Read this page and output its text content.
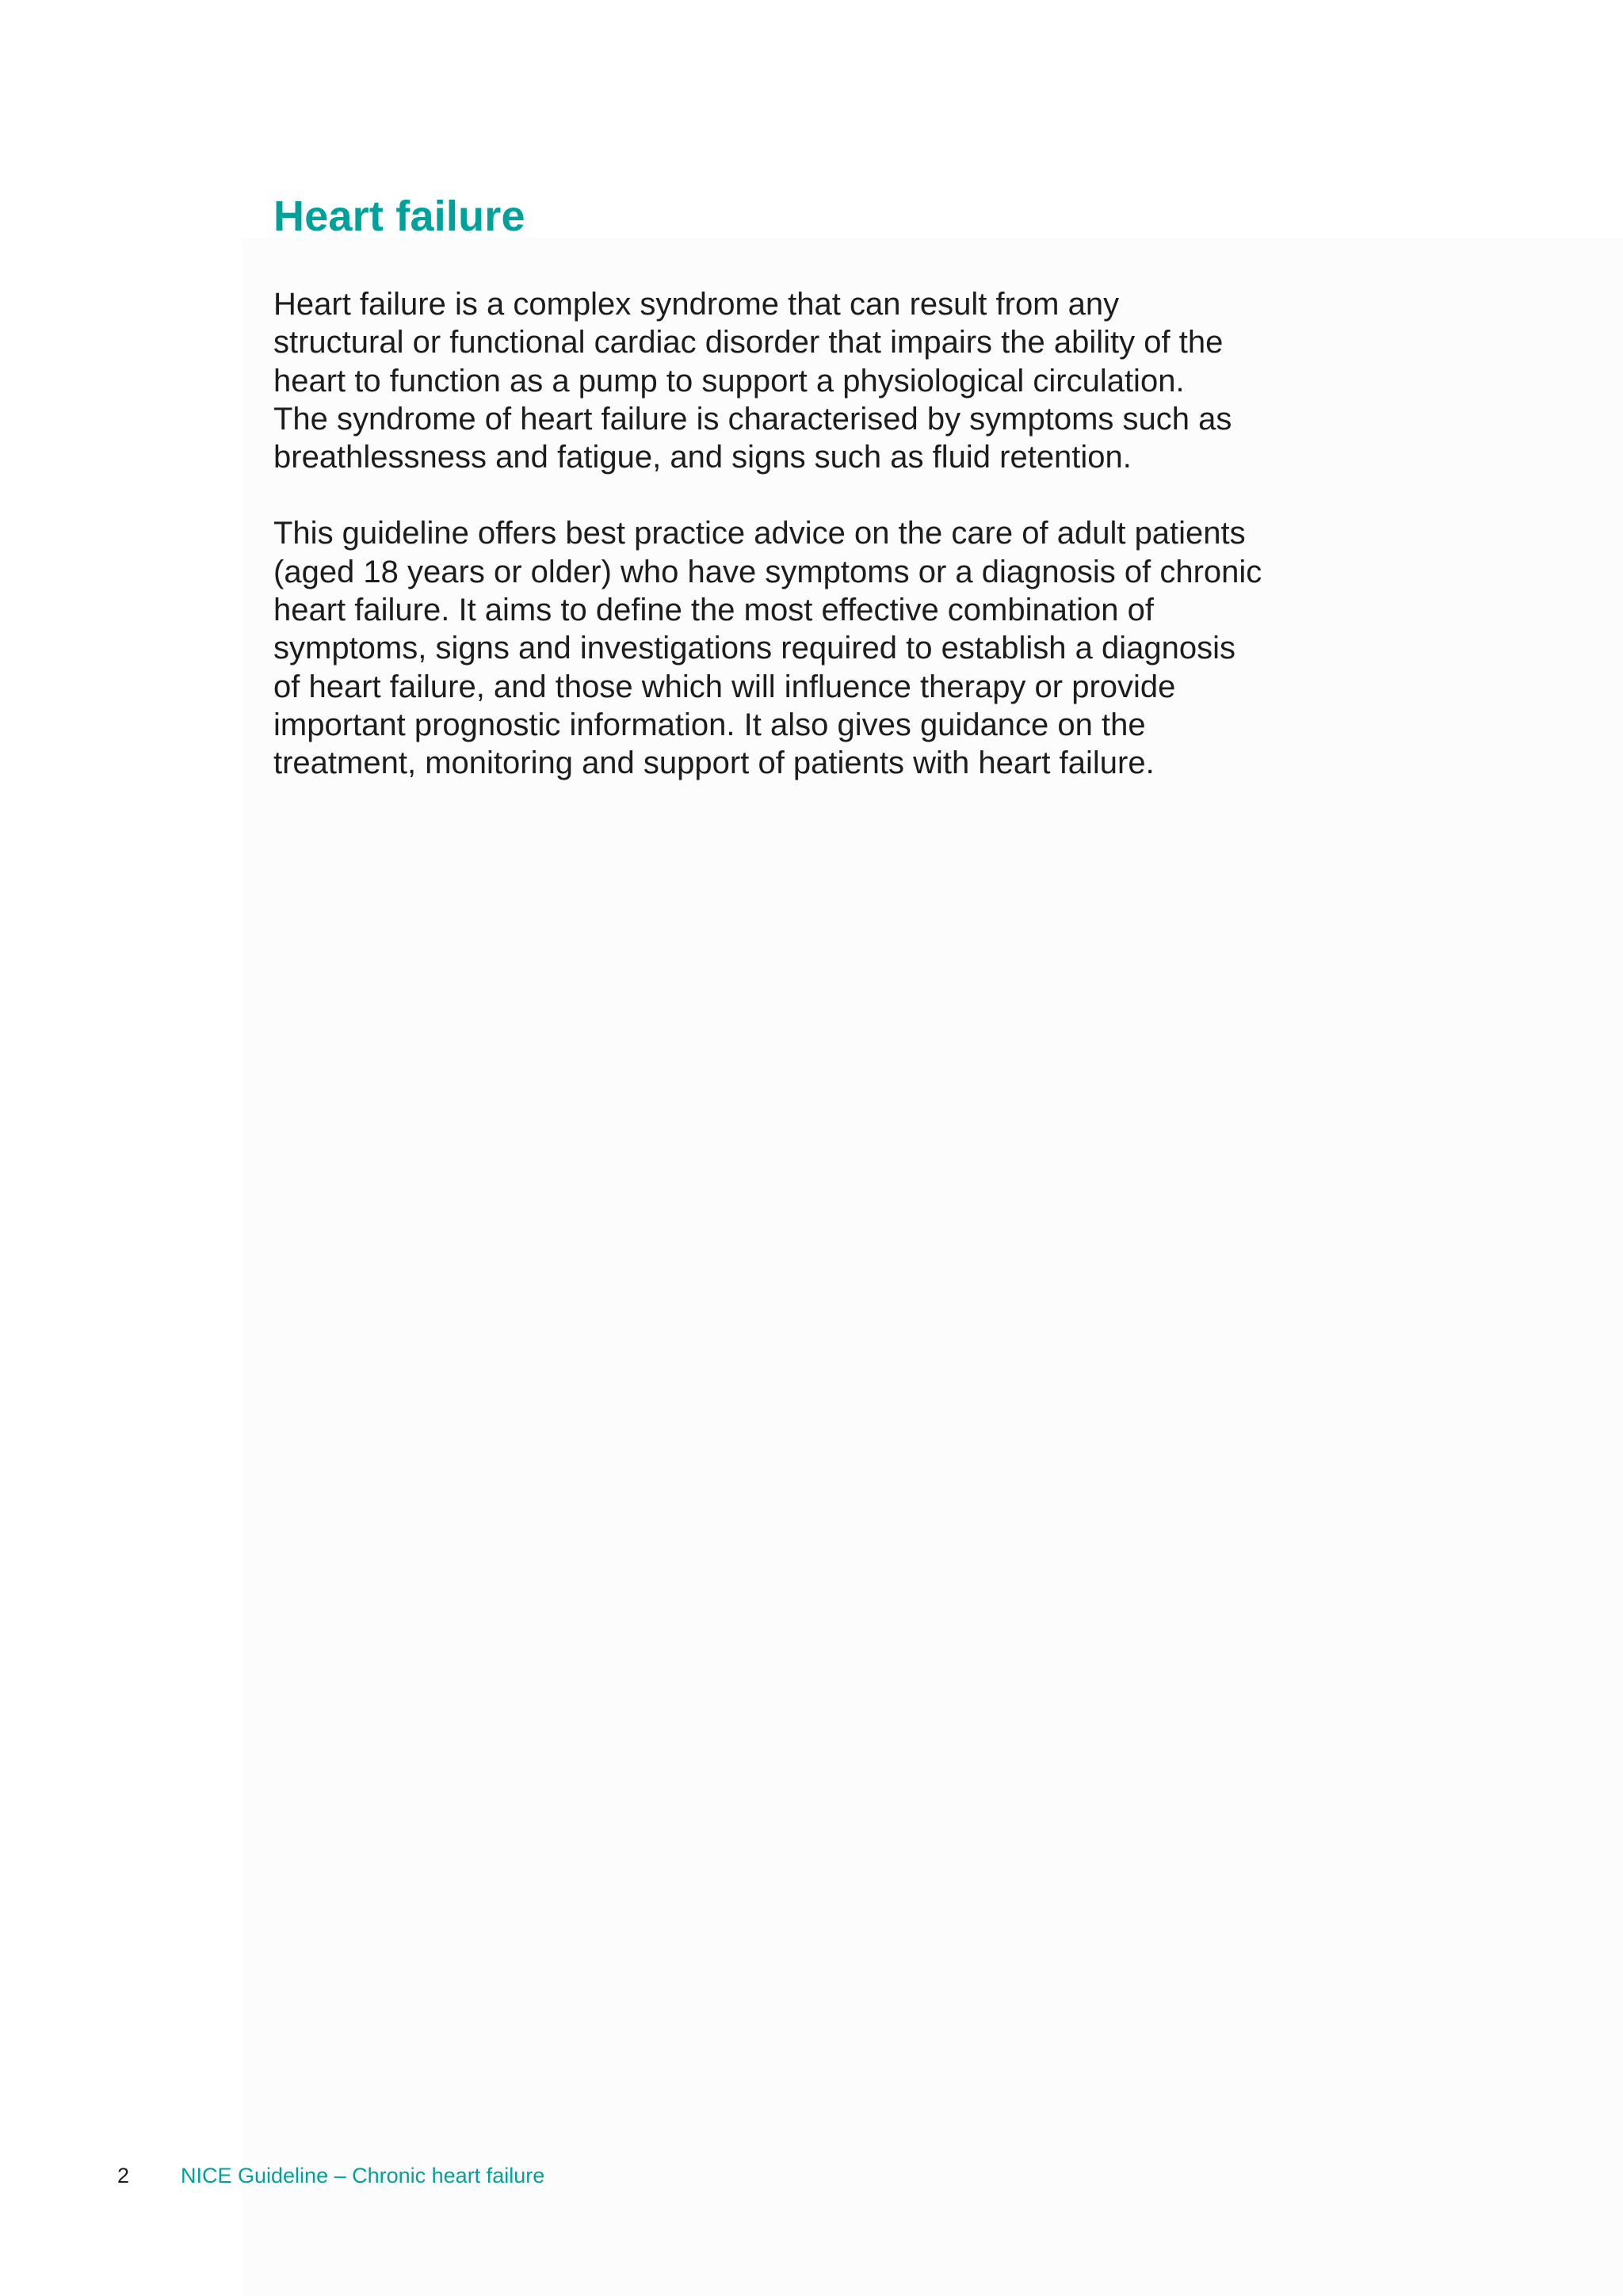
Heart failure

Heart failure is a complex syndrome that can result from any
structural or functional cardiac disorder that impairs the ability of the
heart to function as a pump to support a physiological circulation.
The syndrome of heart failure is characterised by symptoms such as
breathlessness and fatigue, and signs such as fluid retention.

This guideline offers best practice advice on the care of adult patients
(aged 18 years or older) who have symptoms or a diagnosis of chronic
heart failure. It aims to define the most effective combination of
symptoms, signs and investigations required to establish a diagnosis
of heart failure, and those which will influence therapy or provide
important prognostic information. It also gives guidance on the
treatment, monitoring and support of patients with heart failure.

2 NICE Guideline – Chronic heart failure
